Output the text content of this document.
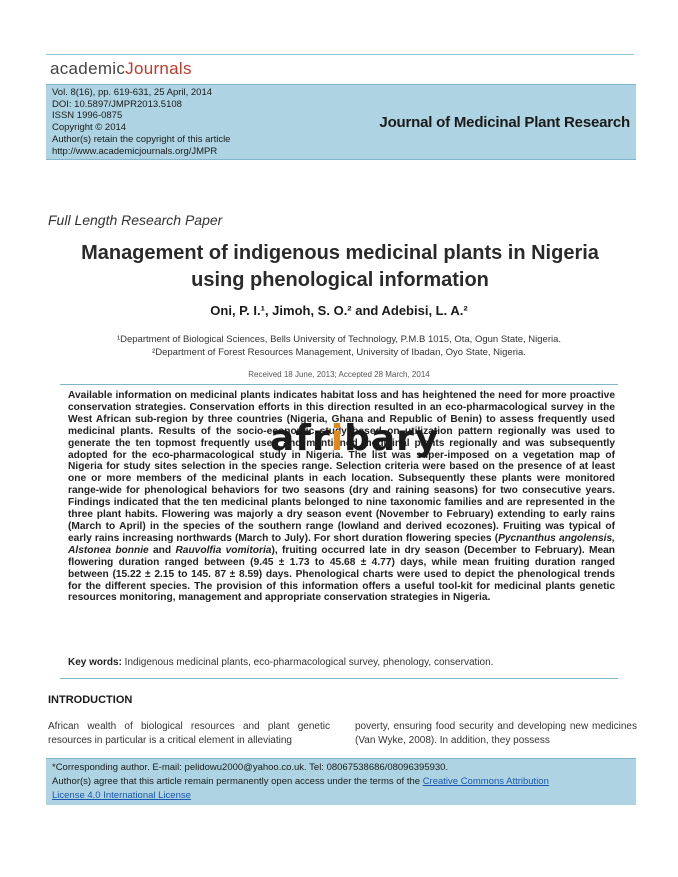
academicJournals
Vol. 8(16), pp. 619-631, 25 April, 2014
DOI: 10.5897/JMPR2013.5108
ISSN 1996-0875
Copyright © 2014
Author(s) retain the copyright of this article
http://www.academicjournals.org/JMPR
Journal of Medicinal Plant Research
Full Length Research Paper
Management of indigenous medicinal plants in Nigeria
using phenological information
Oni, P. I.¹, Jimoh, S. O.² and Adebisi, L. A.²
¹Department of Biological Sciences, Bells University of Technology, P.M.B 1015, Ota, Ogun State, Nigeria.
²Department of Forest Resources Management, University of Ibadan, Oyo State, Nigeria.
Received 18 June, 2013; Accepted 28 March, 2014
Available information on medicinal plants indicates habitat loss and has heightened the need for more proactive conservation strategies. Conservation efforts in this direction resulted in an eco-pharmacological survey in the West African sub-region by three countries (Nigeria, Ghana and Republic of Benin) to assess frequently used medicinal plants. Results of the socio-economic study based on utilization pattern regionally was used to generate the ten topmost frequently used and mentioned medicinal plants regionally and was subsequently adopted for the eco-pharmacological study in Nigeria. The list was super-imposed on a vegetation map of Nigeria for study sites selection in the species range. Selection criteria were based on the presence of at least one or more members of the medicinal plants in each location. Subsequently these plants were monitored range-wide for phenological behaviors for two seasons (dry and raining seasons) for two consecutive years. Findings indicated that the ten medicinal plants belonged to nine taxonomic families and are represented in the three plant habits. Flowering was majorly a dry season event (November to February) extending to early rains (March to April) in the species of the southern range (lowland and derived ecozones). Fruiting was typical of early rains increasing northwards (March to July). For short duration flowering species (Pycnanthus angolensis, Alstonea bonnie and Rauvolfia vomitoria), fruiting occurred late in dry season (December to February). Mean flowering duration ranged between (9.45 ± 1.73 to 45.68 ± 4.77) days, while mean fruiting duration ranged between (15.22 ± 2.15 to 145. 87 ± 8.59) days. Phenological charts were used to depict the phenological trends for the different species. The provision of this information offers a useful tool-kit for medicinal plants genetic resources monitoring, management and appropriate conservation strategies in Nigeria.
afribary
Key words: Indigenous medicinal plants, eco-pharmacological survey, phenology, conservation.
INTRODUCTION
African wealth of biological resources and plant genetic resources in particular is a critical element in alleviating
poverty, ensuring food security and developing new medicines (Van Wyke, 2008). In addition, they possess
*Corresponding author. E-mail: pelidowu2000@yahoo.co.uk. Tel: 08067538686/08096395930.
Author(s) agree that this article remain permanently open access under the terms of the Creative Commons Attribution
License 4.0 International License
